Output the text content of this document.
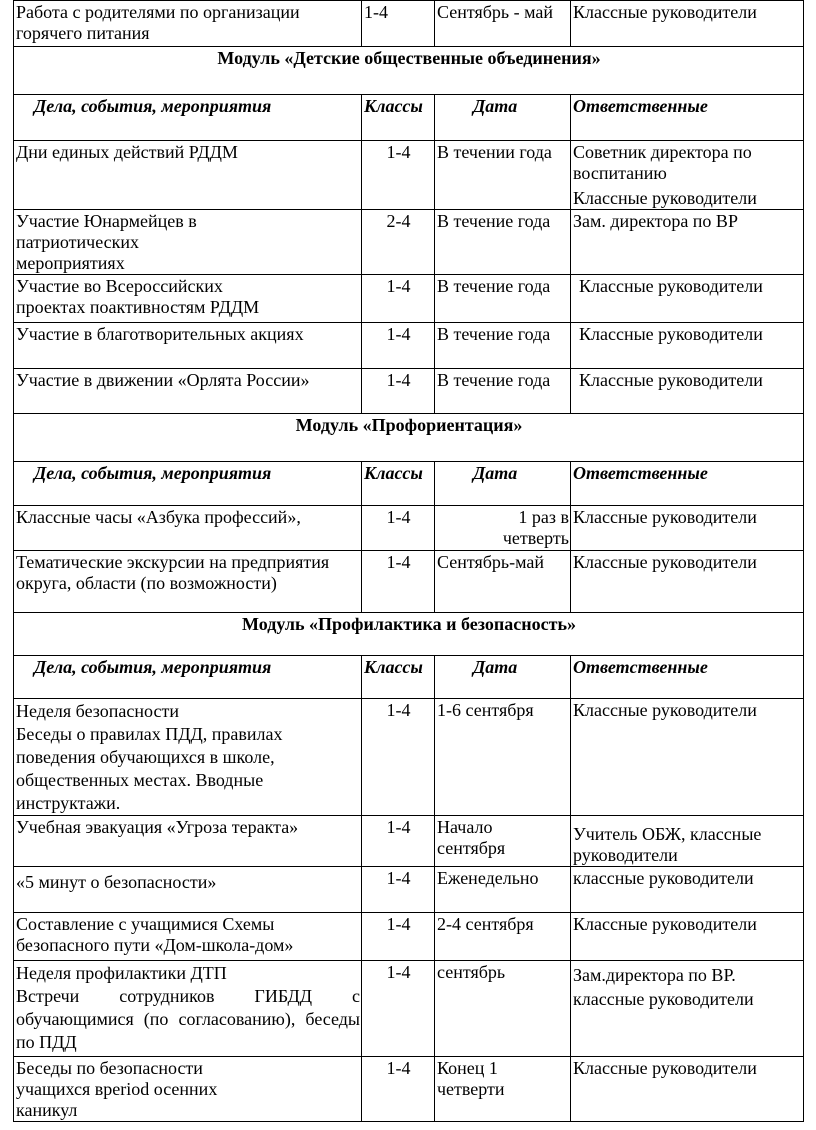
Работа с родителями по организации горячего питания	1-4	Сентябрь - май	Классные руководители
Модуль «Детские общественные объединения»			
Дела, события, мероприятия	Классы	Дата	Ответственные
Дни единых действий РДДМ	1-4	В течении года	Советник директора по воспитанию
Классные руководители

Участие Юнармейцев в патриотических мероприятиях	2-4	В течение года	Зам. директора по ВР
Участие во Всероссийских проектах поактивностям РДДМ	1-4	В течение года	Классные руководители
Участие в благотворительных акциях	1-4	В течение года	Классные руководители
Участие в движении «Орлята России»	1-4	В течение года	Классные руководители
Модуль «Профориентация»			
Дела, события, мероприятия	Классы	Дата	Ответственные
Классные часы «Азбука профессий»,	1-4	1 раз в четверть	Классные руководители
Тематические экскурсии на предприятия округа, области (по возможности)	1-4	Сентябрь-май	Классные руководители
Модуль «Профилактика и безопасность»			
Дела, события, мероприятия	Классы	Дата	Ответственные

Неделя безопасности
Беседы о правилах ПДД, правилах поведения обучающихся в школе, общественных местах. Вводные инструктажи.	1-4	1-6 сентября	Классные руководители
Учебная эвакуация «Угроза теракта»	1-4	Начало сентября	Учитель ОБЖ, классные руководители
«5 минут о безопасности»	1-4	Еженедельно	классные руководители
Составление с учащимися Схемы безопасного пути «Дом-школа-дом»	1-4	2-4 сентября	Классные руководители

Неделя профилактики ДТП
Встречи сотрудников ГИБДД с обучающимися (по согласованию), беседы по ПДД	1-4	сентябрь	Зам.директора по ВР.
классные руководители

Беседы по безопасности учащихся вperiod осенних каникул	1-4	Конец 1 четверти	Классные руководители
